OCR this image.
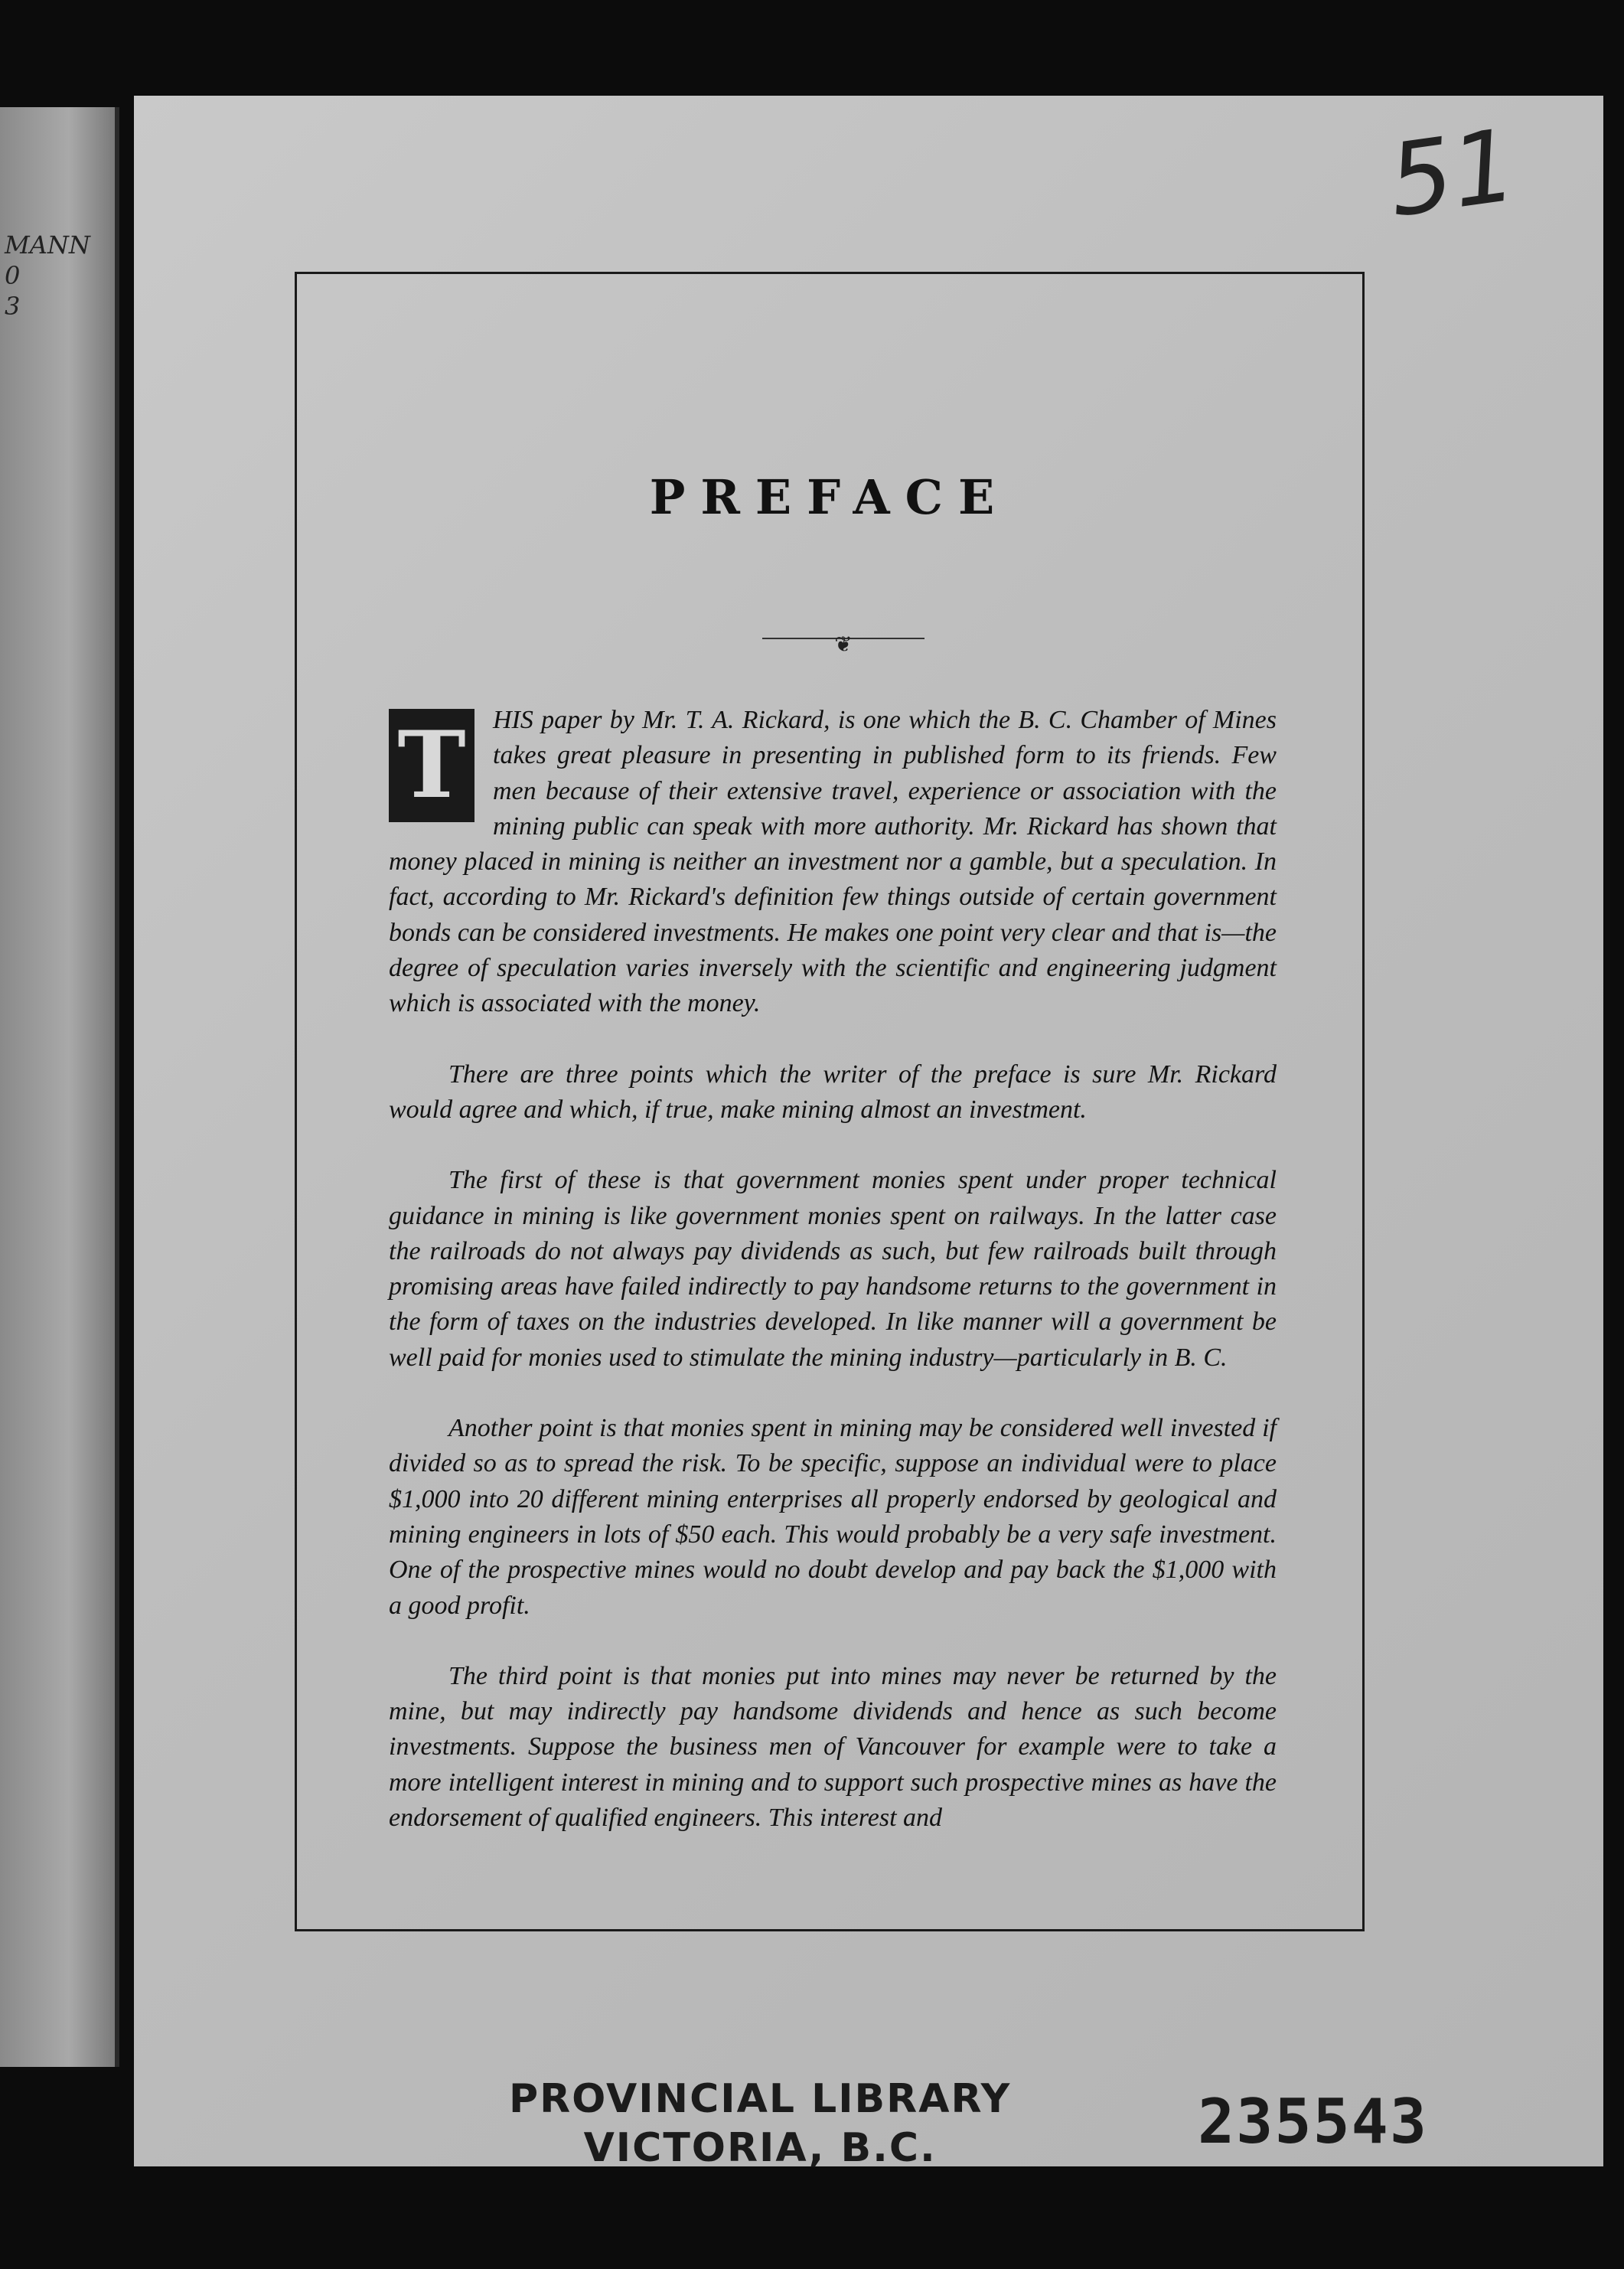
MANN
0
3
51
PREFACE
❦

T	HIS paper by Mr. T. A. Rickard, is one which the B. C. Chamber of Mines takes great pleasure in presenting in published form to its friends. Few men because of their extensive travel, experience or association with the mining public can speak with more authority. Mr. Rickard has shown that money placed in mining is neither an investment nor a gamble, but a speculation. In fact, according to Mr. Rickard's definition few things outside of certain government bonds can be considered investments. He makes one point very clear and that is—the degree of speculation varies inversely with the scientific and engineering judgment which is associated with the money.

There are three points which the writer of the preface is sure Mr. Rickard would agree and which, if true, make mining almost an investment.

The first of these is that government monies spent under proper technical guidance in mining is like government monies spent on railways. In the latter case the railroads do not always pay dividends as such, but few railroads built through promising areas have failed indirectly to pay handsome returns to the government in the form of taxes on the industries developed. In like manner will a government be well paid for monies used to stimulate the mining industry—particularly in B. C.

Another point is that monies spent in mining may be considered well invested if divided so as to spread the risk. To be specific, suppose an individual were to place $1,000 into 20 different mining enterprises all properly endorsed by geological and mining engineers in lots of $50 each. This would probably be a very safe investment. One of the prospective mines would no doubt develop and pay back the $1,000 with a good profit.

The third point is that monies put into mines may never be returned by the mine, but may indirectly pay handsome dividends and hence as such become investments. Suppose the business men of Vancouver for example were to take a more intelligent interest in mining and to support such prospective mines as have the endorsement of qualified engineers. This interest and

PROVINCIAL LIBRARY
VICTORIA, B.C.	235543
